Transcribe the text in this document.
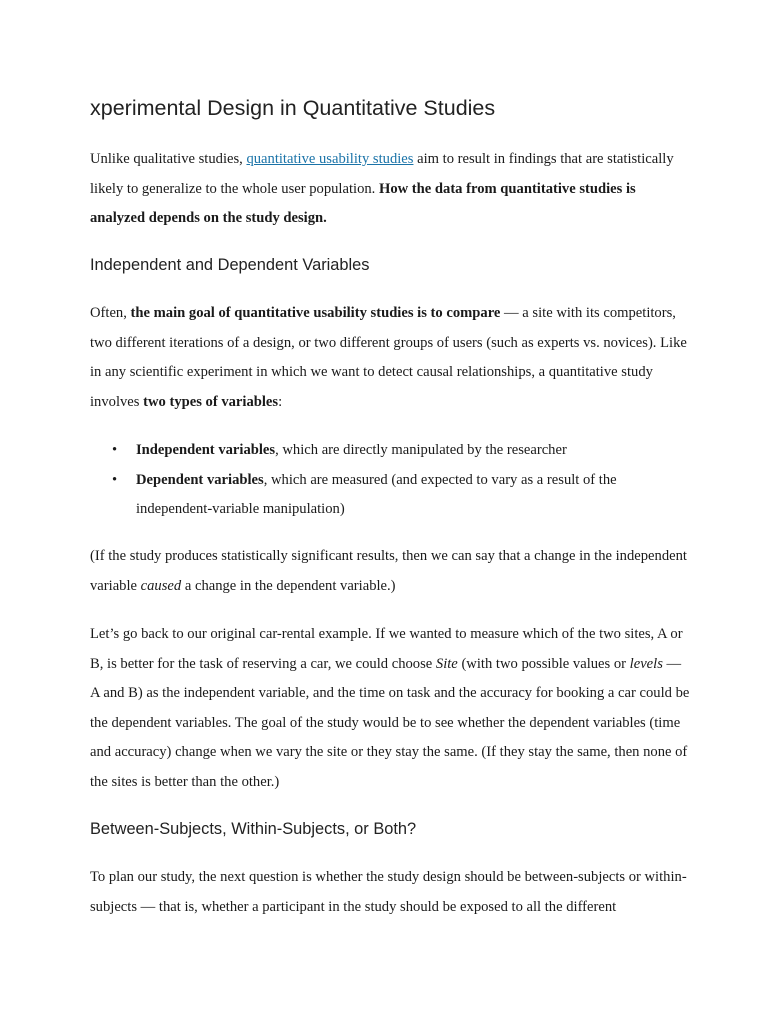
xperimental Design in Quantitative Studies

Unlike qualitative studies, quantitative usability studies aim to result in findings that are statistically likely to generalize to the whole user population. How the data from quantitative studies is analyzed depends on the study design.

Independent and Dependent Variables

Often, the main goal of quantitative usability studies is to compare — a site with its competitors, two different iterations of a design, or two different groups of users (such as experts vs. novices). Like in any scientific experiment in which we want to detect causal relationships, a quantitative study involves two types of variables:

• Independent variables, which are directly manipulated by the researcher
• Dependent variables, which are measured (and expected to vary as a result of the independent-variable manipulation)

(If the study produces statistically significant results, then we can say that a change in the independent variable caused a change in the dependent variable.)

Let’s go back to our original car-rental example. If we wanted to measure which of the two sites, A or B, is better for the task of reserving a car, we could choose Site (with two possible values or levels — A and B) as the independent variable, and the time on task and the accuracy for booking a car could be the dependent variables. The goal of the study would be to see whether the dependent variables (time and accuracy) change when we vary the site or they stay the same. (If they stay the same, then none of the sites is better than the other.)

Between-Subjects, Within-Subjects, or Both?

To plan our study, the next question is whether the study design should be between-subjects or within-subjects — that is, whether a participant in the study should be exposed to all the different
